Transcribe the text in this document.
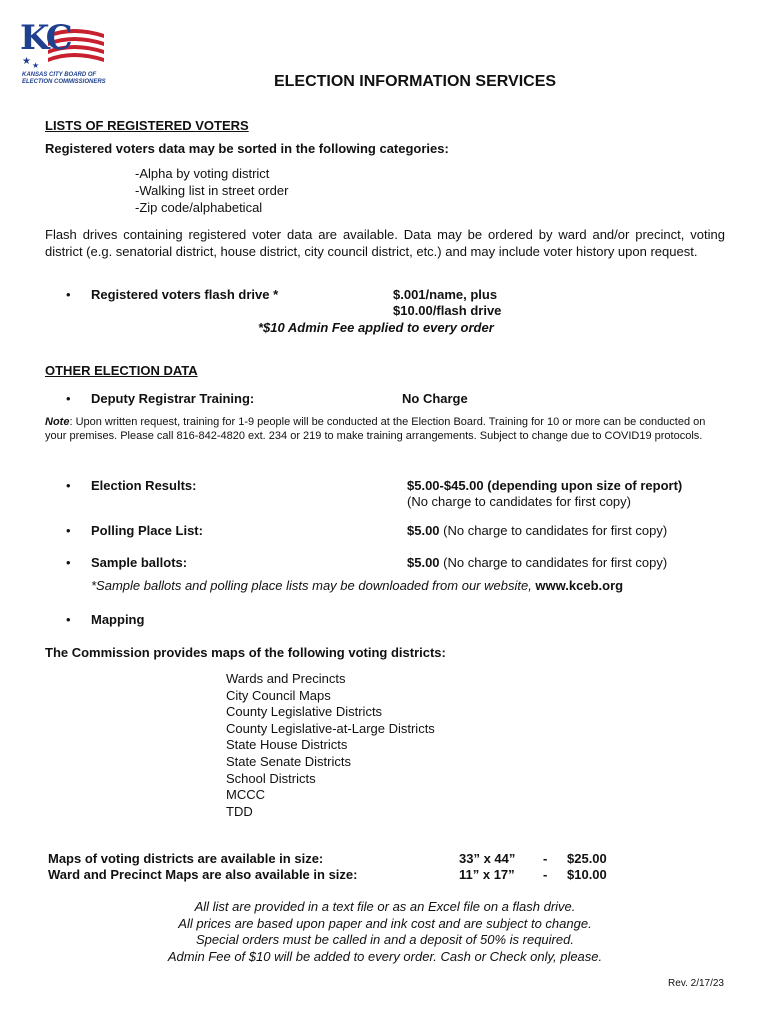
★ ★
KC
KANSAS CITY BOARD OF
ELECTION COMMISSIONERS	ELECTION INFORMATION SERVICES
LISTS OF REGISTERED VOTERS
Registered voters data may be sorted in the following categories:
-Alpha by voting district
-Walking list in street order
-Zip code/alphabetical
Flash drives containing registered voter data are available. Data may be ordered by ward and/or precinct, voting district (e.g. senatorial district, house district, city council district, etc.) and may include voter history upon request.
• Registered voters flash drive *	$.001/name, plus
$10.00/flash drive
*$10 Admin Fee applied to every order
OTHER ELECTION DATA
• Deputy Registrar Training:	No Charge
Note: Upon written request, training for 1-9 people will be conducted at the Election Board. Training for 10 or more can be conducted on your premises. Please call 816-842-4820 ext. 234 or 219 to make training arrangements. Subject to change due to COVID19 protocols.
• Election Results:	$5.00-$45.00 (depending upon size of report)
(No charge to candidates for first copy)
• Polling Place List:	$5.00 (No charge to candidates for first copy)
• Sample ballots:	$5.00 (No charge to candidates for first copy)
*Sample ballots and polling place lists may be downloaded from our website, www.kceb.org
• Mapping
The Commission provides maps of the following voting districts:
Wards and Precincts
City Council Maps
County Legislative Districts
County Legislative-at-Large Districts
State House Districts
State Senate Districts
School Districts
MCCC
TDD
Maps of voting districts are available in size:	33” x 44” - $25.00
Ward and Precinct Maps are also available in size:	11” x 17” - $10.00
All list are provided in a text file or as an Excel file on a flash drive.
All prices are based upon paper and ink cost and are subject to change.
Special orders must be called in and a deposit of 50% is required.
Admin Fee of $10 will be added to every order. Cash or Check only, please.
Rev. 2/17/23
